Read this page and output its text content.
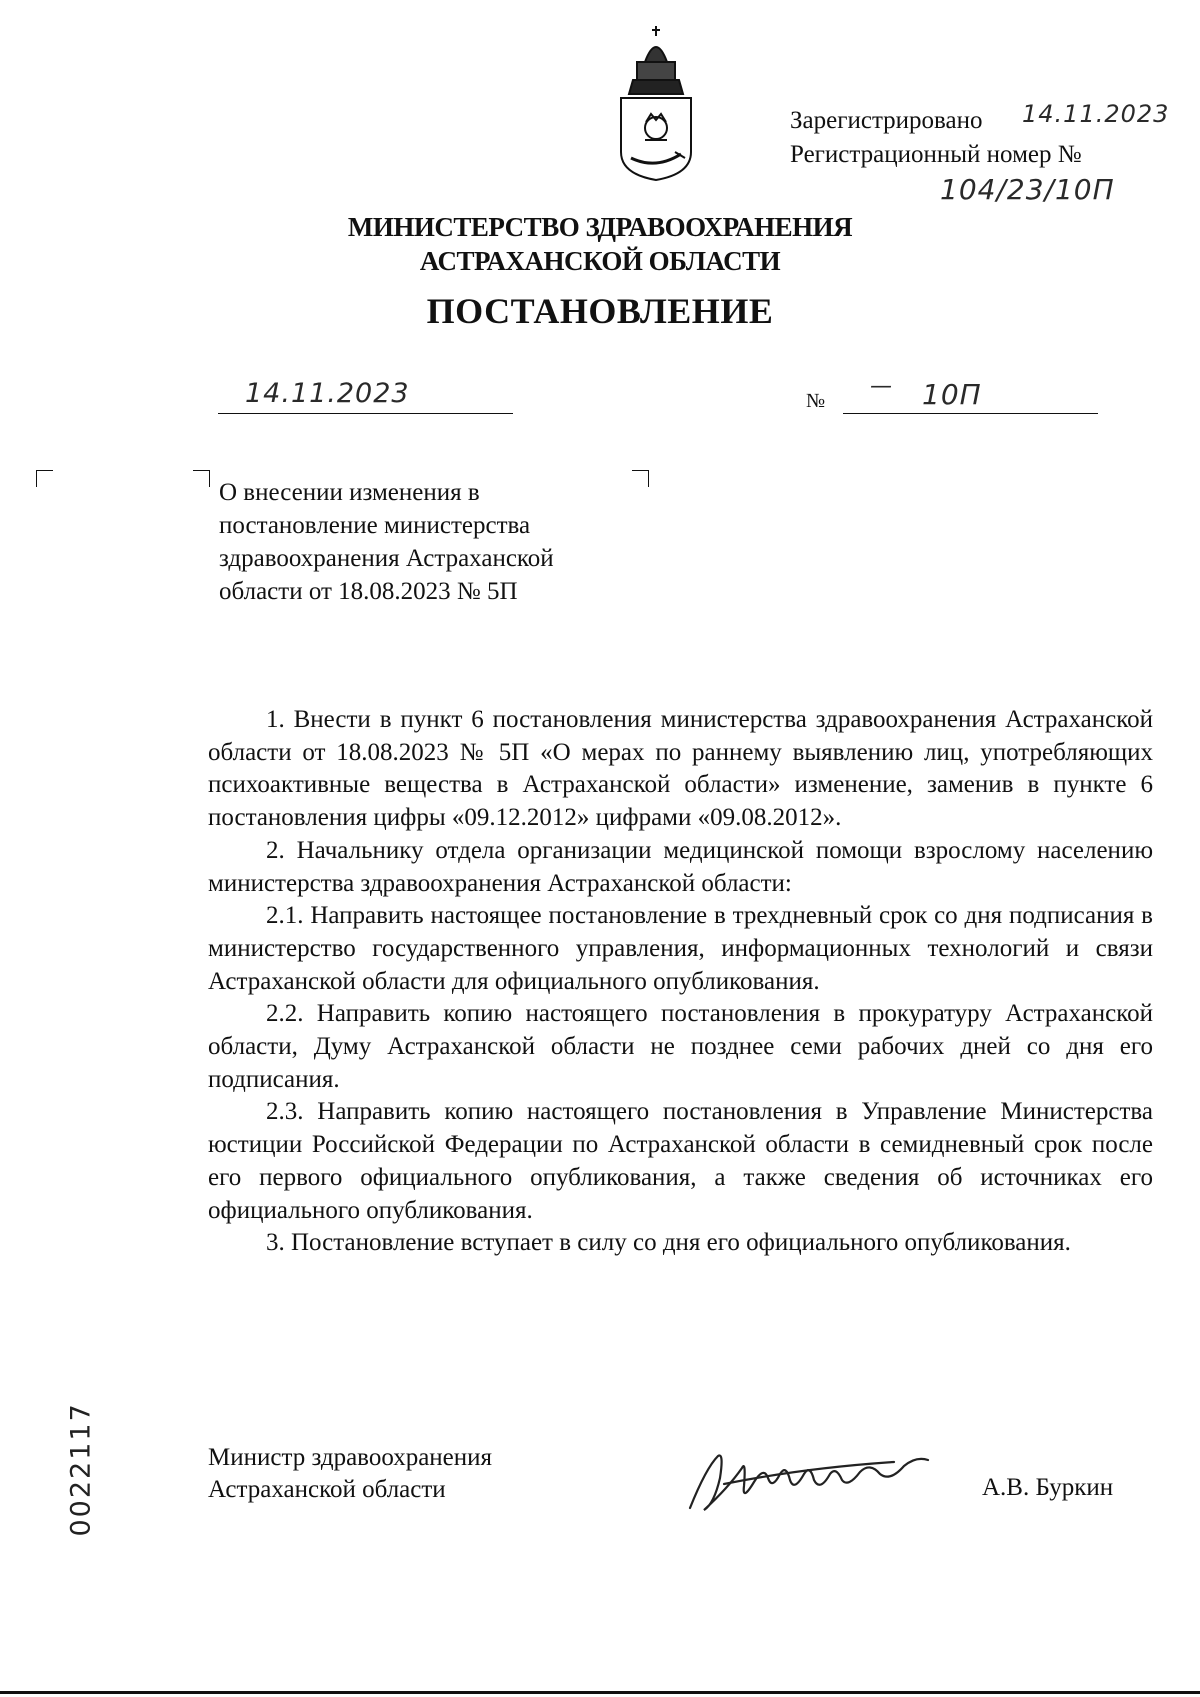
Зарегистрировано
Регистрационный номер №
14.11.2023
104/23/10П
МИНИСТЕРСТВО ЗДРАВООХРАНЕНИЯ
АСТРАХАНСКОЙ ОБЛАСТИ
ПОСТАНОВЛЕНИЕ
14.11.2023	№
— 10П
О внесении изменения в
постановление министерства
здравоохранения Астраханской
области от 18.08.2023 № 5П

1. Внести в пункт 6 постановления министерства здравоохранения Астраханской области от 18.08.2023 № 5П «О мерах по раннему выявлению лиц, употребляющих психоактивные вещества в Астраханской области» изменение, заменив в пункте 6 постановления цифры «09.12.2012» цифрами «09.08.2012».

2. Начальнику отдела организации медицинской помощи взрослому населению министерства здравоохранения Астраханской области:

2.1. Направить настоящее постановление в трехдневный срок со дня подписания в министерство государственного управления, информационных технологий и связи Астраханской области для официального опубликования.

2.2. Направить копию настоящего постановления в прокуратуру Астраханской области, Думу Астраханской области не позднее семи рабочих дней со дня его подписания.

2.3. Направить копию настоящего постановления в Управление Министерства юстиции Российской Федерации по Астраханской области в семидневный срок после его первого официального опубликования, а также сведения об источниках его официального опубликования.

3. Постановление вступает в силу со дня его официального опубликования.

Министр здравоохранения
Астраханской области	А.В. Буркин
0022117
